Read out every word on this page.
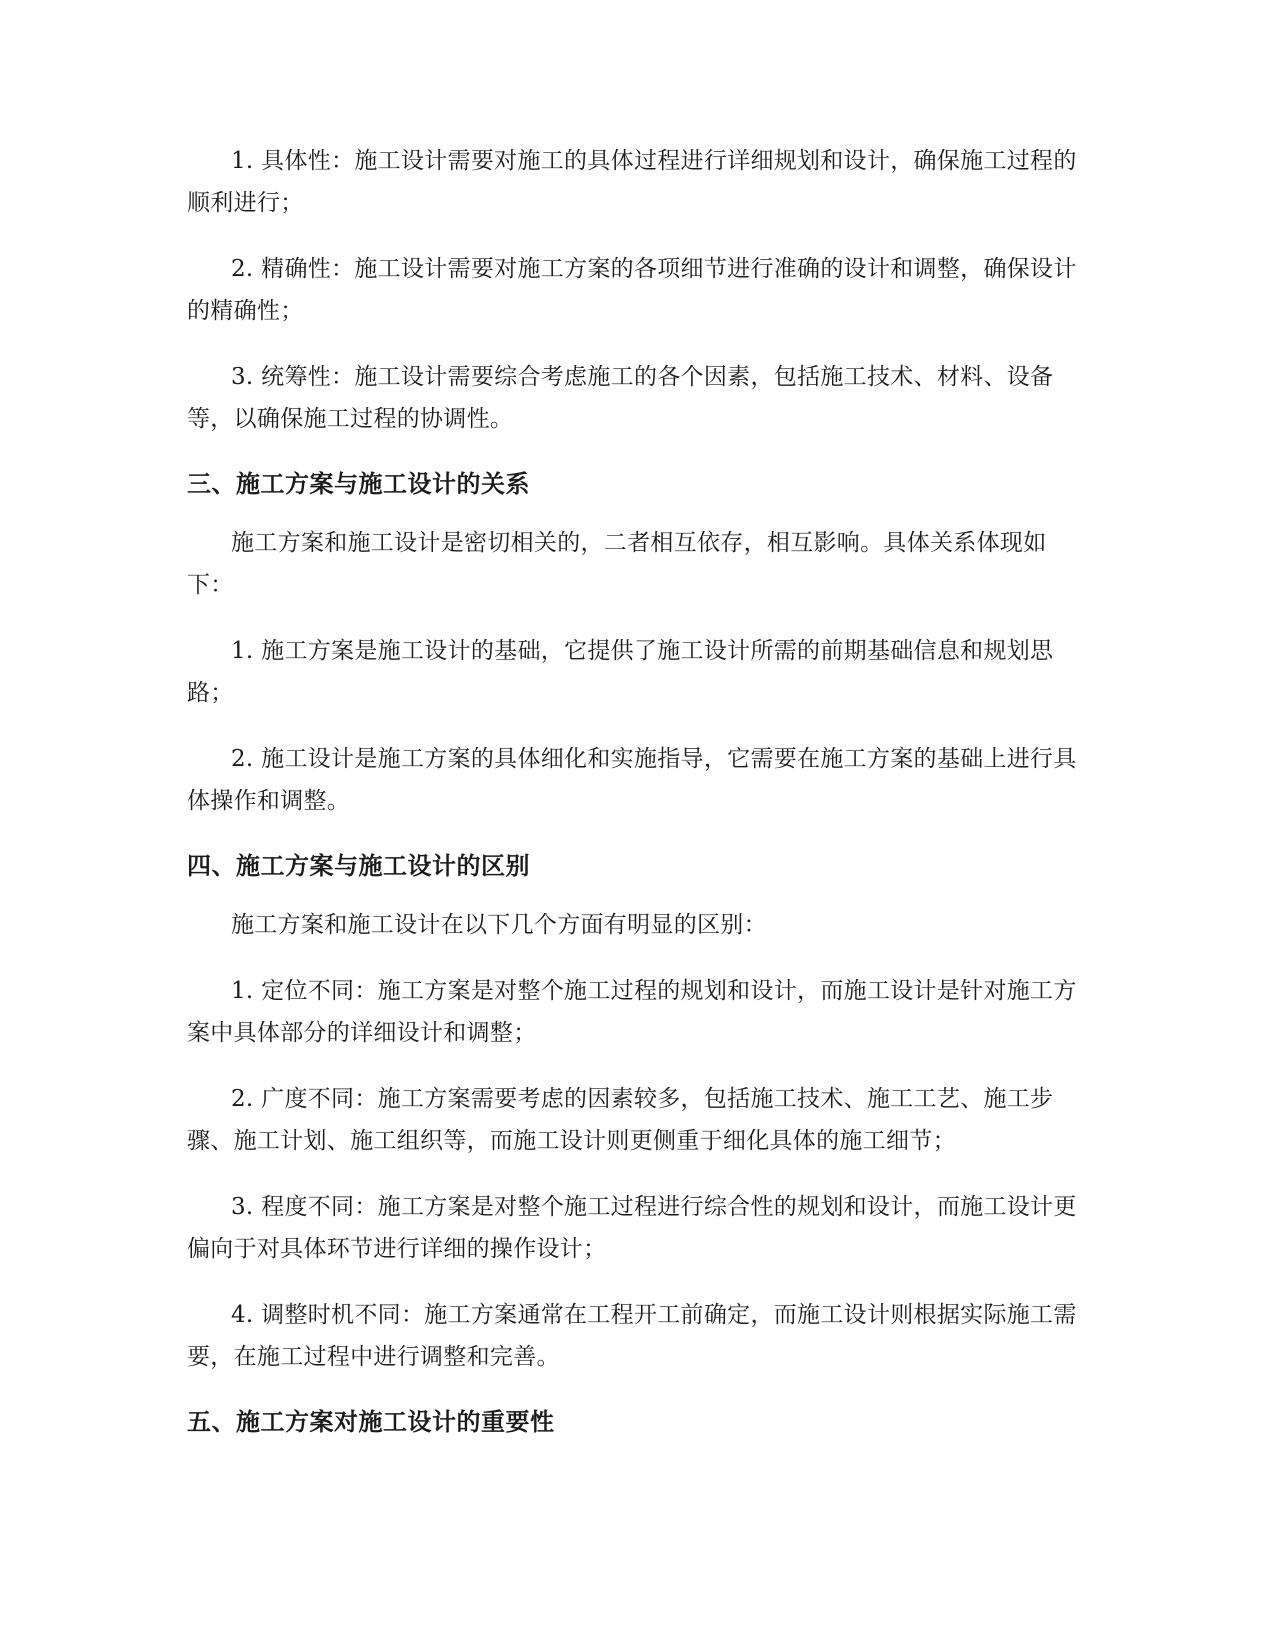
1. 具体性：施工设计需要对施工的具体过程进行详细规划和设计，确保施工过程的顺利进行；

2. 精确性：施工设计需要对施工方案的各项细节进行准确的设计和调整，确保设计的精确性；

3. 统筹性：施工设计需要综合考虑施工的各个因素，包括施工技术、材料、设备等，以确保施工过程的协调性。

三、施工方案与施工设计的关系

施工方案和施工设计是密切相关的，二者相互依存，相互影响。具体关系体现如下：

1. 施工方案是施工设计的基础，它提供了施工设计所需的前期基础信息和规划思路；

2. 施工设计是施工方案的具体细化和实施指导，它需要在施工方案的基础上进行具体操作和调整。

四、施工方案与施工设计的区别

施工方案和施工设计在以下几个方面有明显的区别：

1. 定位不同：施工方案是对整个施工过程的规划和设计，而施工设计是针对施工方案中具体部分的详细设计和调整；

2. 广度不同：施工方案需要考虑的因素较多，包括施工技术、施工工艺、施工步骤、施工计划、施工组织等，而施工设计则更侧重于细化具体的施工细节；

3. 程度不同：施工方案是对整个施工过程进行综合性的规划和设计，而施工设计更偏向于对具体环节进行详细的操作设计；

4. 调整时机不同：施工方案通常在工程开工前确定，而施工设计则根据实际施工需要，在施工过程中进行调整和完善。

五、施工方案对施工设计的重要性
